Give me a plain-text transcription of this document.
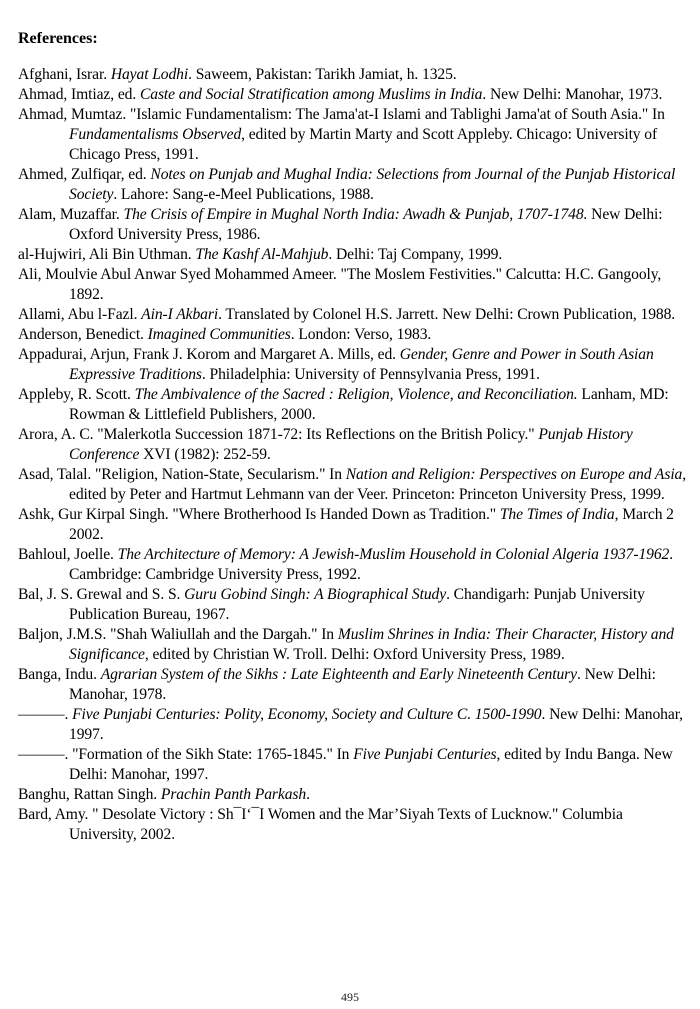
References:
Afghani, Israr. Hayat Lodhi. Saweem, Pakistan: Tarikh Jamiat, h. 1325.
Ahmad, Imtiaz, ed. Caste and Social Stratification among Muslims in India. New Delhi: Manohar, 1973.
Ahmad, Mumtaz. "Islamic Fundamentalism: The Jama'at-I Islami and Tablighi Jama'at of South Asia." In Fundamentalisms Observed, edited by Martin Marty and Scott Appleby. Chicago: University of Chicago Press, 1991.
Ahmed, Zulfiqar, ed. Notes on Punjab and Mughal India: Selections from Journal of the Punjab Historical Society. Lahore: Sang-e-Meel Publications, 1988.
Alam, Muzaffar. The Crisis of Empire in Mughal North India: Awadh & Punjab, 1707-1748. New Delhi: Oxford University Press, 1986.
al-Hujwiri, Ali Bin Uthman. The Kashf Al-Mahjub. Delhi: Taj Company, 1999.
Ali, Moulvie Abul Anwar Syed Mohammed Ameer. "The Moslem Festivities." Calcutta: H.C. Gangooly, 1892.
Allami, Abu l-Fazl. Ain-I Akbari. Translated by Colonel H.S. Jarrett. New Delhi: Crown Publication, 1988.
Anderson, Benedict. Imagined Communities. London: Verso, 1983.
Appadurai, Arjun, Frank J. Korom and Margaret A. Mills, ed. Gender, Genre and Power in South Asian Expressive Traditions. Philadelphia: University of Pennsylvania Press, 1991.
Appleby, R. Scott. The Ambivalence of the Sacred : Religion, Violence, and Reconciliation. Lanham, MD: Rowman & Littlefield Publishers, 2000.
Arora, A. C. "Malerkotla Succession 1871-72: Its Reflections on the British Policy." Punjab History Conference XVI (1982): 252-59.
Asad, Talal. "Religion, Nation-State, Secularism." In Nation and Religion: Perspectives on Europe and Asia, edited by Peter and Hartmut Lehmann van der Veer. Princeton: Princeton University Press, 1999.
Ashk, Gur Kirpal Singh. "Where Brotherhood Is Handed Down as Tradition." The Times of India, March 2 2002.
Bahloul, Joelle. The Architecture of Memory: A Jewish-Muslim Household in Colonial Algeria 1937-1962. Cambridge: Cambridge University Press, 1992.
Bal, J. S. Grewal and S. S. Guru Gobind Singh: A Biographical Study. Chandigarh: Punjab University Publication Bureau, 1967.
Baljon, J.M.S. "Shah Waliullah and the Dargah." In Muslim Shrines in India: Their Character, History and Significance, edited by Christian W. Troll. Delhi: Oxford University Press, 1989.
Banga, Indu. Agrarian System of the Sikhs : Late Eighteenth and Early Nineteenth Century. New Delhi: Manohar, 1978.
———. Five Punjabi Centuries: Polity, Economy, Society and Culture C. 1500-1990. New Delhi: Manohar, 1997.
———. "Formation of the Sikh State: 1765-1845." In Five Punjabi Centuries, edited by Indu Banga. New Delhi: Manohar, 1997.
Banghu, Rattan Singh. Prachin Panth Parkash.
Bard, Amy. " Desolate Victory : Sh¯I‘¯I Women and the Mar’Siyah Texts of Lucknow." Columbia University, 2002.
495
